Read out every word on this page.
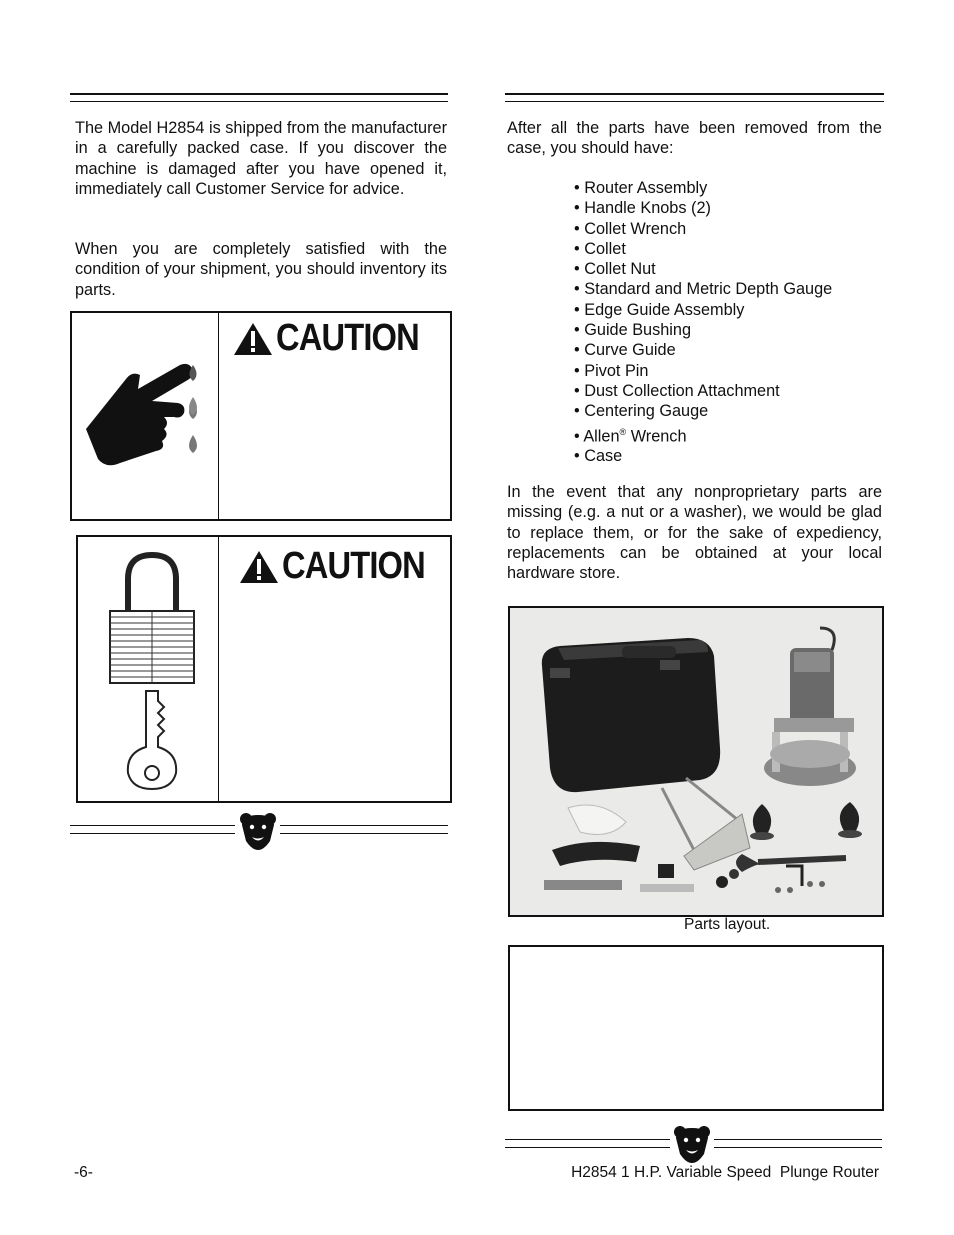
The Model H2854 is shipped from the manufacturer in a carefully packed case. If you discover the machine is damaged after you have opened it, immediately call Customer Service for advice.
When you are completely satisfied with the condition of your shipment, you should inventory its parts.
CAUTION
CAUTION
After all the parts have been removed from the case, you should have:
• Router Assembly
• Handle Knobs (2)
• Collet Wrench
• Collet
• Collet Nut
• Standard and Metric Depth Gauge
• Edge Guide Assembly
• Guide Bushing
• Curve Guide
• Pivot Pin
• Dust Collection Attachment
• Centering Gauge
• Allen® Wrench
• Case
In the event that any nonproprietary parts are missing (e.g. a nut or a washer), we would be glad to replace them, or for the sake of expediency, replacements can be obtained at your local hardware store.
Parts layout.
-6-	H2854 1 H.P. Variable Speed  Plunge Router
